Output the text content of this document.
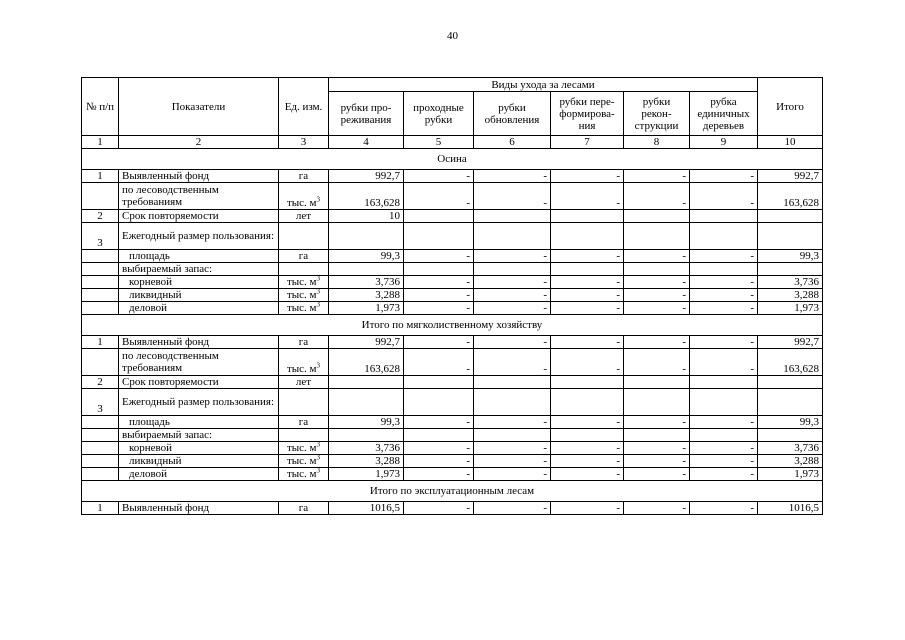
40
№ п/п	Показатели	Ед. изм.	Виды ухода за лесами						Итого
			рубки про-реживания	проходные рубки	рубки обновления	рубки пере-формирова-ния	рубки рекон-струкции	рубка единичных деревьев	
1	2	3	4	5	6	7	8	9	10
Осина									
1	Выявленный фонд	га	992,7	-	-	-	-	-	992,7
	по лесоводственным требованиям	тыс. $м^3$	163,628	-	-	-	-	-	163,628
2	Срок повторяемости	лет	10						
3	Ежегодный размер пользования:								
	площадь	га	99,3	-	-	-	-	-	99,3
	выбираемый запас:								
	корневой	тыс. $м^3$	3,736	-	-	-	-	-	3,736
	ликвидный	тыс. $м^3$	3,288	-	-	-	-	-	3,288
	деловой	тыс. $м^3$	1,973	-	-	-	-	-	1,973
Итого по мягколиственному хозяйству									
1	Выявленный фонд	га	992,7	-	-	-	-	-	992,7
	по лесоводственным требованиям	тыс. $м^3$	163,628	-	-	-	-	-	163,628
2	Срок повторяемости	лет							
3	Ежегодный размер пользования:								
	площадь	га	99,3	-	-	-	-	-	99,3
	выбираемый запас:								
	корневой	тыс. $м^3$	3,736	-	-	-	-	-	3,736
	ликвидный	тыс. $м^3$	3,288	-	-	-	-	-	3,288
	деловой	тыс. $м^3$	1,973	-	-	-	-	-	1,973
Итого по эксплуатационным лесам									
1	Выявленный фонд	га	1016,5	-	-	-	-	-	1016,5
